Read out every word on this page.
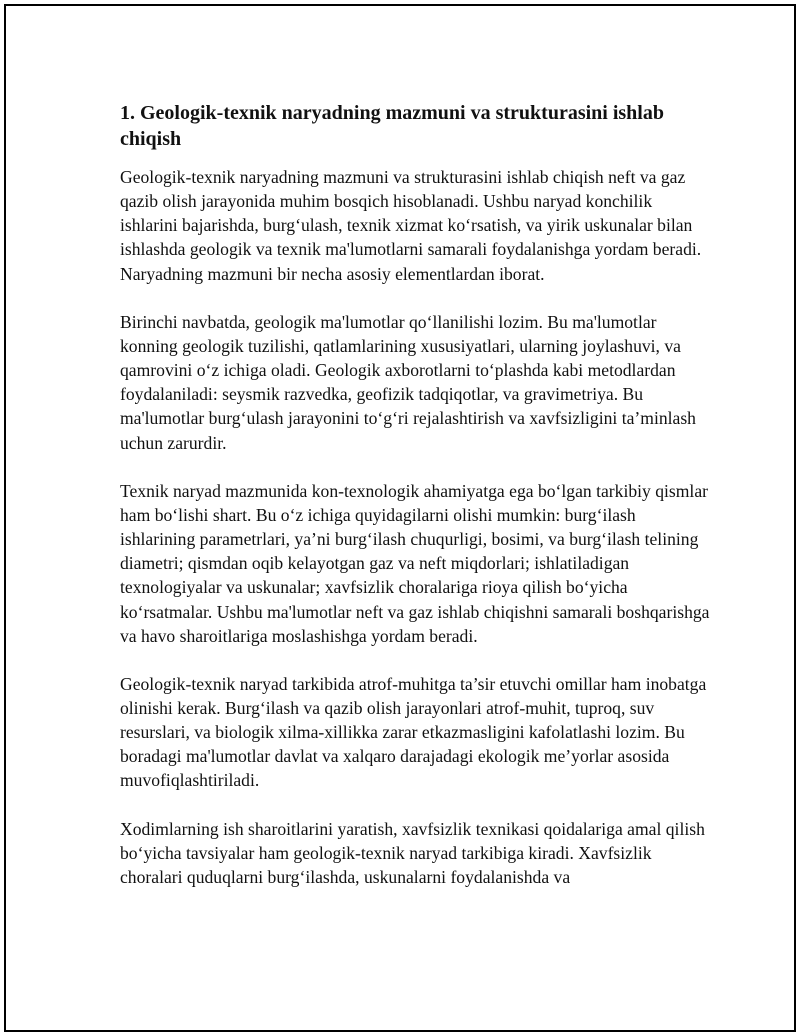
1. Geologik-texnik naryadning mazmuni va strukturasini ishlab chiqish

Geologik-texnik naryadning mazmuni va strukturasini ishlab chiqish neft va gaz qazib olish jarayonida muhim bosqich hisoblanadi. Ushbu naryad konchilik ishlarini bajarishda, burg‘ulash, texnik xizmat ko‘rsatish, va yirik uskunalar bilan ishlashda geologik va texnik ma'lumotlarni samarali foydalanishga yordam beradi. Naryadning mazmuni bir necha asosiy elementlardan iborat.

Birinchi navbatda, geologik ma'lumotlar qo‘llanilishi lozim. Bu ma'lumotlar konning geologik tuzilishi, qatlamlarining xususiyatlari, ularning joylashuvi, va qamrovini o‘z ichiga oladi. Geologik axborotlarni to‘plashda kabi metodlardan foydalaniladi: seysmik razvedka, geofizik tadqiqotlar, va gravimetriya. Bu ma'lumotlar burg‘ulash jarayonini to‘g‘ri rejalashtirish va xavfsizligini ta’minlash uchun zarurdir.

Texnik naryad mazmunida kon-texnologik ahamiyatga ega bo‘lgan tarkibiy qismlar ham bo‘lishi shart. Bu o‘z ichiga quyidagilarni olishi mumkin: burg‘ilash ishlarining parametrlari, ya’ni burg‘ilash chuqurligi, bosimi, va burg‘ilash telining diametri; qismdan oqib kelayotgan gaz va neft miqdorlari; ishlatiladigan texnologiyalar va uskunalar; xavfsizlik choralariga rioya qilish bo‘yicha ko‘rsatmalar. Ushbu ma'lumotlar neft va gaz ishlab chiqishni samarali boshqarishga va havo sharoitlariga moslashishga yordam beradi.

Geologik-texnik naryad tarkibida atrof-muhitga ta’sir etuvchi omillar ham inobatga olinishi kerak. Burg‘ilash va qazib olish jarayonlari atrof-muhit, tuproq, suv resurslari, va biologik xilma-xillikka zarar etkazmasligini kafolatlashi lozim. Bu boradagi ma'lumotlar davlat va xalqaro darajadagi ekologik me’yorlar asosida muvofiqlashtiriladi.

Xodimlarning ish sharoitlarini yaratish, xavfsizlik texnikasi qoidalariga amal qilish bo‘yicha tavsiyalar ham geologik-texnik naryad tarkibiga kiradi. Xavfsizlik choralari quduqlarni burg‘ilashda, uskunalarni foydalanishda va
